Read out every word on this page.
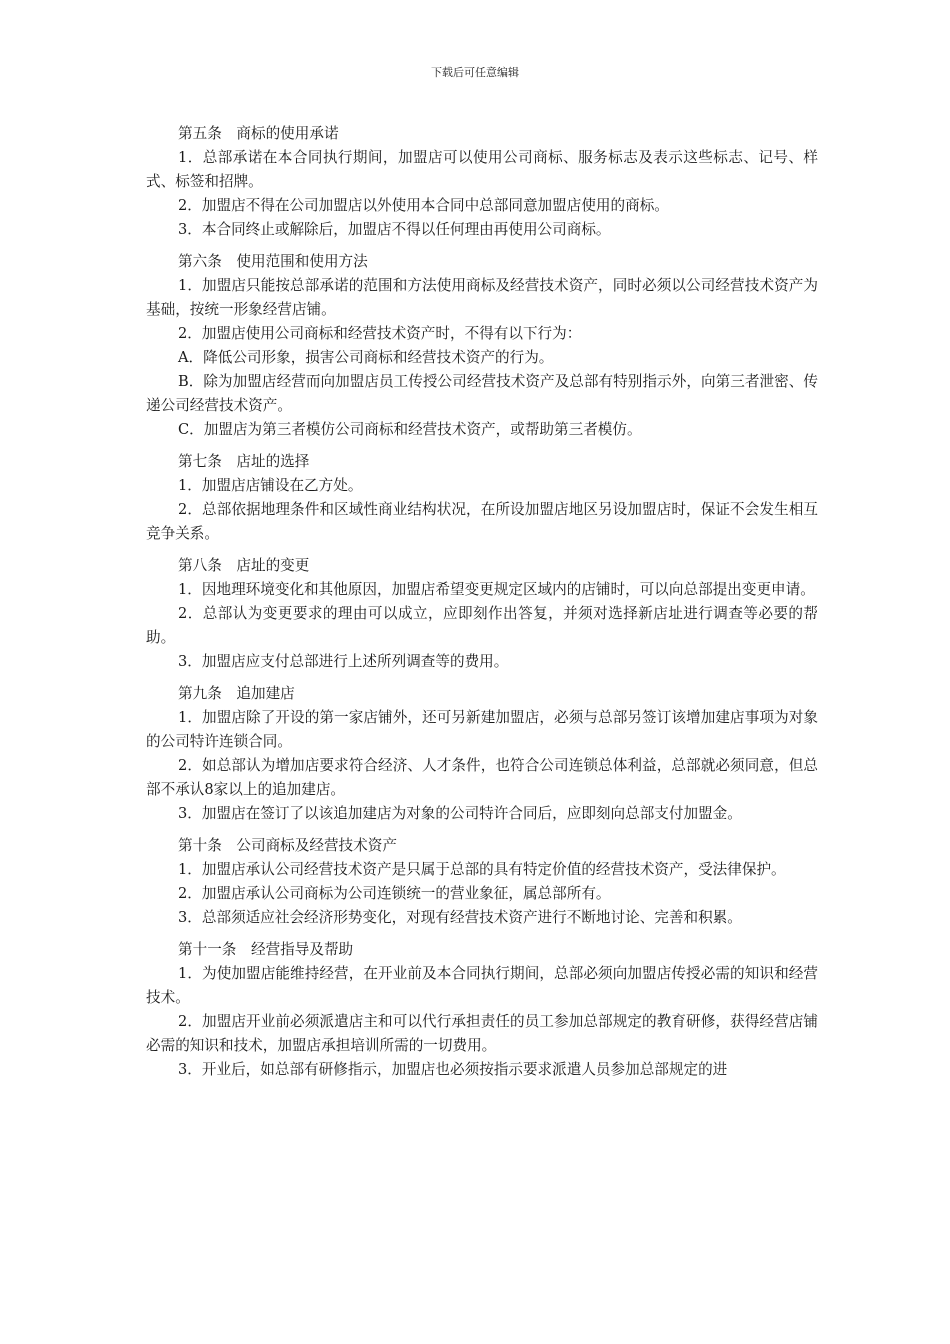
下载后可任意编辑
第五条　商标的使用承诺
1．总部承诺在本合同执行期间，加盟店可以使用公司商标、服务标志及表示这些标志、记号、样式、标签和招牌。
2．加盟店不得在公司加盟店以外使用本合同中总部同意加盟店使用的商标。
3．本合同终止或解除后，加盟店不得以任何理由再使用公司商标。
第六条　使用范围和使用方法
1．加盟店只能按总部承诺的范围和方法使用商标及经营技术资产，同时必须以公司经营技术资产为基础，按统一形象经营店铺。
2．加盟店使用公司商标和经营技术资产时，不得有以下行为：
A．降低公司形象，损害公司商标和经营技术资产的行为。
B．除为加盟店经营而向加盟店员工传授公司经营技术资产及总部有特别指示外，向第三者泄密、传递公司经营技术资产。
C．加盟店为第三者模仿公司商标和经营技术资产，或帮助第三者模仿。
第七条　店址的选择
1．加盟店店铺设在乙方处。
2．总部依据地理条件和区域性商业结构状况，在所设加盟店地区另设加盟店时，保证不会发生相互竞争关系。
第八条　店址的变更
1．因地理环境变化和其他原因，加盟店希望变更规定区域内的店铺时，可以向总部提出变更申请。
2．总部认为变更要求的理由可以成立，应即刻作出答复，并须对选择新店址进行调查等必要的帮助。
3．加盟店应支付总部进行上述所列调查等的费用。
第九条　追加建店
1．加盟店除了开设的第一家店铺外，还可另新建加盟店，必须与总部另签订该增加建店事项为对象的公司特许连锁合同。
2．如总部认为增加店要求符合经济、人才条件，也符合公司连锁总体利益，总部就必须同意，但总部不承认8家以上的追加建店。
3．加盟店在签订了以该追加建店为对象的公司特许合同后，应即刻向总部支付加盟金。
第十条　公司商标及经营技术资产
1．加盟店承认公司经营技术资产是只属于总部的具有特定价值的经营技术资产，受法律保护。
2．加盟店承认公司商标为公司连锁统一的营业象征，属总部所有。
3．总部须适应社会经济形势变化，对现有经营技术资产进行不断地讨论、完善和积累。
第十一条　经营指导及帮助
1．为使加盟店能维持经营，在开业前及本合同执行期间，总部必须向加盟店传授必需的知识和经营技术。
2．加盟店开业前必须派遣店主和可以代行承担责任的员工参加总部规定的教育研修，获得经营店铺必需的知识和技术，加盟店承担培训所需的一切费用。
3．开业后，如总部有研修指示，加盟店也必须按指示要求派遣人员参加总部规定的进
